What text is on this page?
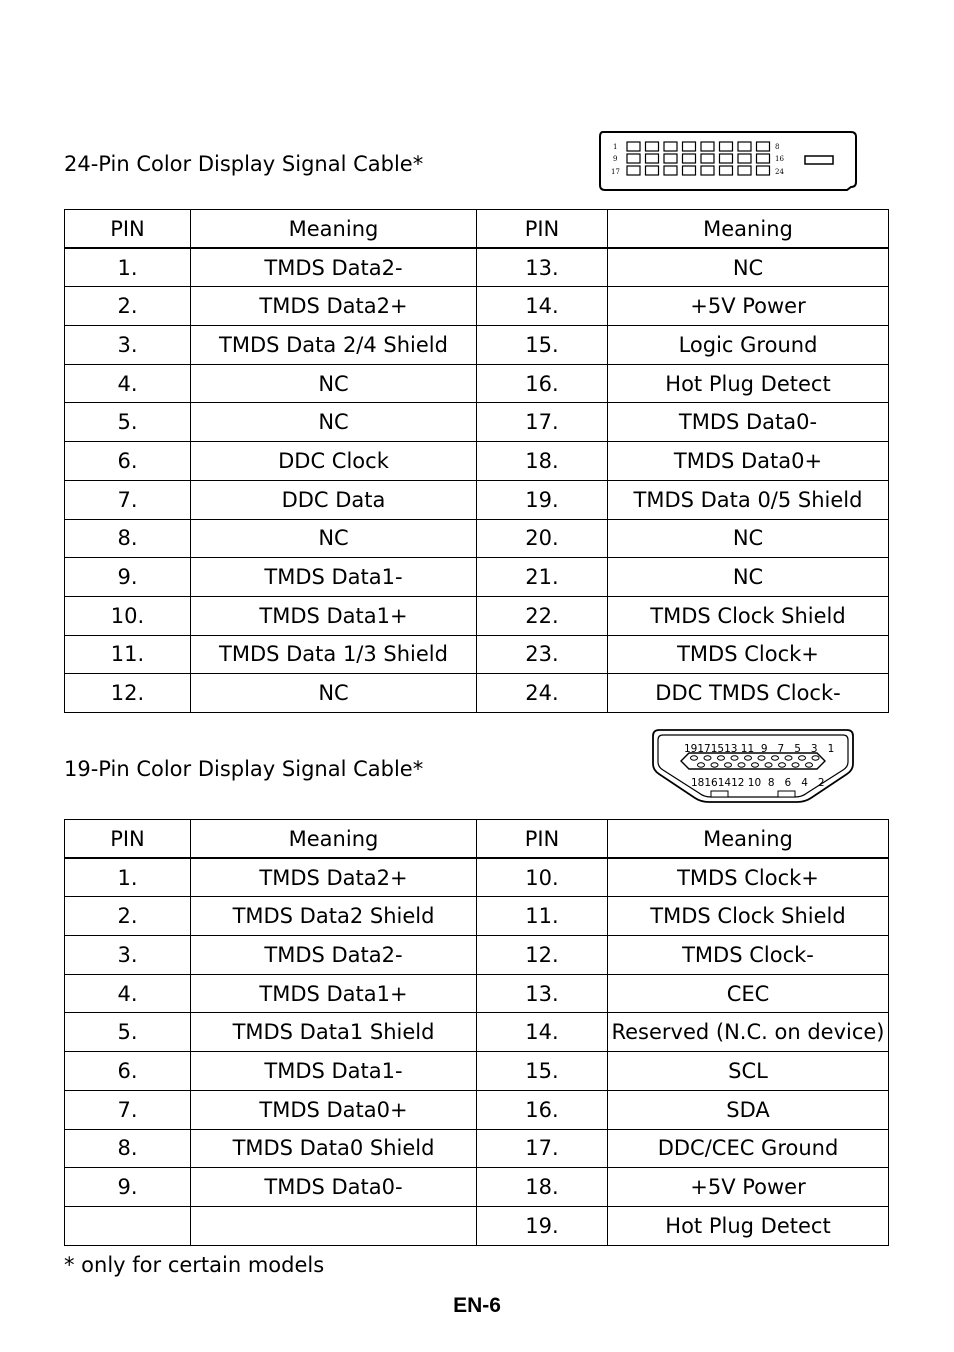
24-Pin Color Display Signal Cable*
1
9
17
8
16
24
PIN	Meaning	PIN	Meaning
1.	TMDS Data2-	13.	NC
2.	TMDS Data2+	14.	+5V Power
3.	TMDS Data 2/4 Shield	15.	Logic Ground
4.	NC	16.	Hot Plug Detect
5.	NC	17.	TMDS Data0-
6.	DDC Clock	18.	TMDS Data0+
7.	DDC Data	19.	TMDS Data 0/5 Shield
8.	NC	20.	NC
9.	TMDS Data1-	21.	NC
10.	TMDS Data1+	22.	TMDS Clock Shield
11.	TMDS Data 1/3 Shield	23.	TMDS Clock+
12.	NC	24.	DDC TMDS Clock-
19-Pin Color Display Signal Cable*
19171513 11  9   7   5   3   1
18161412 10  8   6   4   2
PIN	Meaning	PIN	Meaning
1.	TMDS Data2+	10.	TMDS Clock+
2.	TMDS Data2 Shield	11.	TMDS Clock Shield
3.	TMDS Data2-	12.	TMDS Clock-
4.	TMDS Data1+	13.	CEC
5.	TMDS Data1 Shield	14.	Reserved (N.C. on device)
6.	TMDS Data1-	15.	SCL
7.	TMDS Data0+	16.	SDA
8.	TMDS Data0 Shield	17.	DDC/CEC Ground
9.	TMDS Data0-	18.	+5V Power
		19.	Hot Plug Detect
* only for certain models
EN-6
